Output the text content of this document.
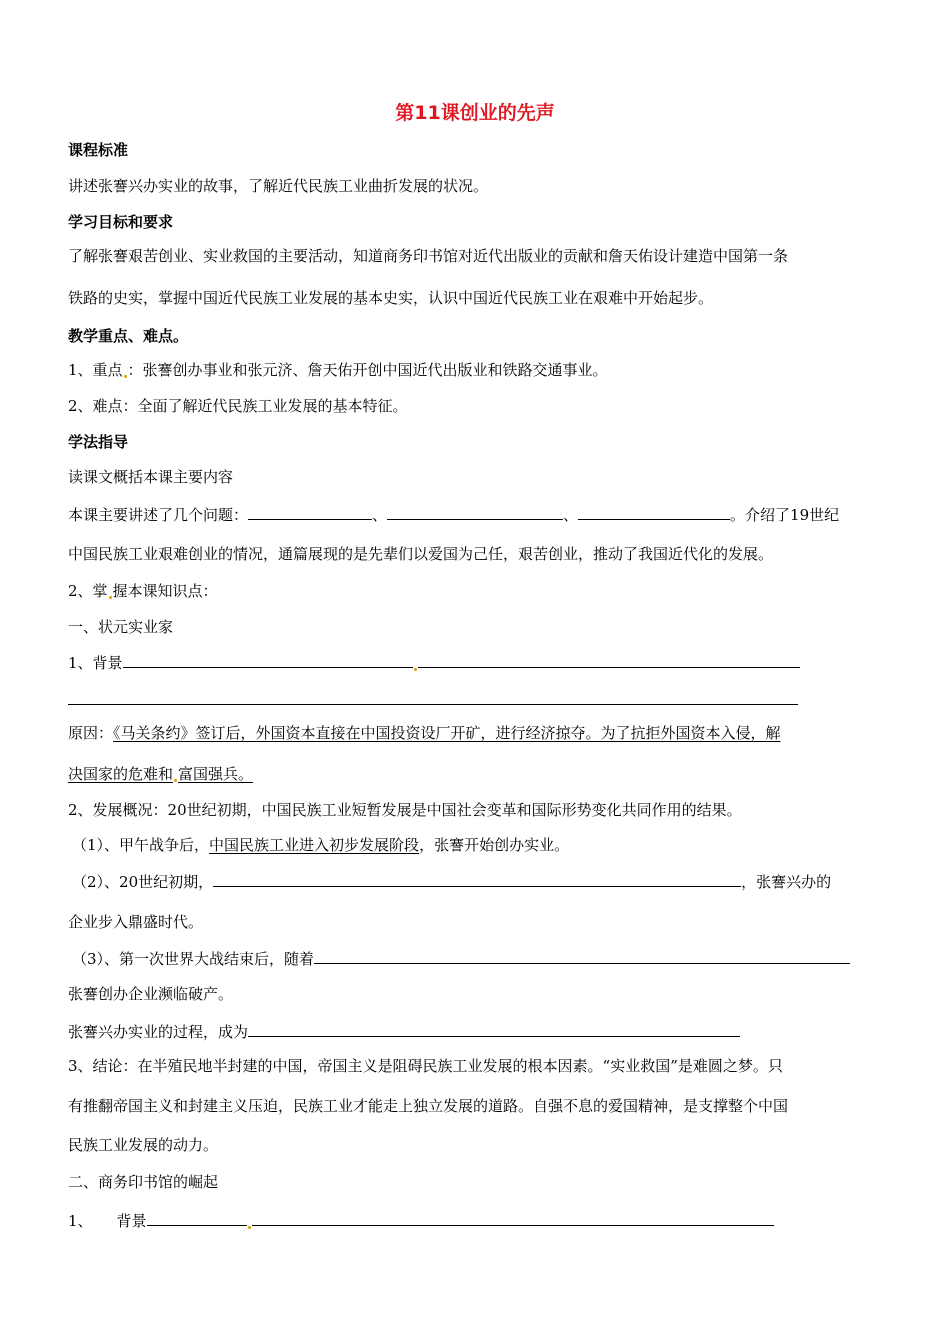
第11课创业的先声
课程标准
讲述张謇兴办实业的故事，了解近代民族工业曲折发展的状况。
学习目标和要求
了解张謇艰苦创业、实业救国的主要活动，知道商务印书馆对近代出版业的贡献和詹天佑设计建造中国第一条
铁路的史实，掌握中国近代民族工业发展的基本史实，认识中国近代民族工业在艰难中开始起步。
教学重点、难点。
1、重点 ：张謇创办事业和张元济、詹天佑开创中国近代出版业和铁路交通事业。
2、难点：全面了解近代民族工业发展的基本特征。
学法指导
读课文概括本课主要内容
本课主要讲述了几个问题：	、	、	。介绍了19世纪
中国民族工业艰难创业的情况，通篇展现的是先辈们以爱国为己任，艰苦创业，推动了我国近代化的发展。
2、掌 握本课知识点：
一、状元实业家
1、背景
原因：《马关条约》签订后，外国资本直接在中国投资设厂开矿，进行经济掠夺。为了抗拒外国资本入侵，解
决国家的危难和 富国强兵。
2、发展概况：20世纪初期，中国民族工业短暂发展是中国社会变革和国际形势变化共同作用的结果。
（1）、甲午战争后，中国民族工业进入初步发展阶段，张謇开始创办实业。
（2）、20世纪初期，	，张謇兴办的
企业步入鼎盛时代。
（3）、第一次世界大战结束后，随着
张謇创办企业濒临破产。
张謇兴办实业的过程，成为
3、结论：在半殖民地半封建的中国，帝国主义是阻碍民族工业发展的根本因素。“实业救国”是难圆之梦。只
有推翻帝国主义和封建主义压迫，民族工业才能走上独立发展的道路。自强不息的爱国精神，是支撑整个中国
民族工业发展的动力。
二、商务印书馆的崛起
1、 背景
